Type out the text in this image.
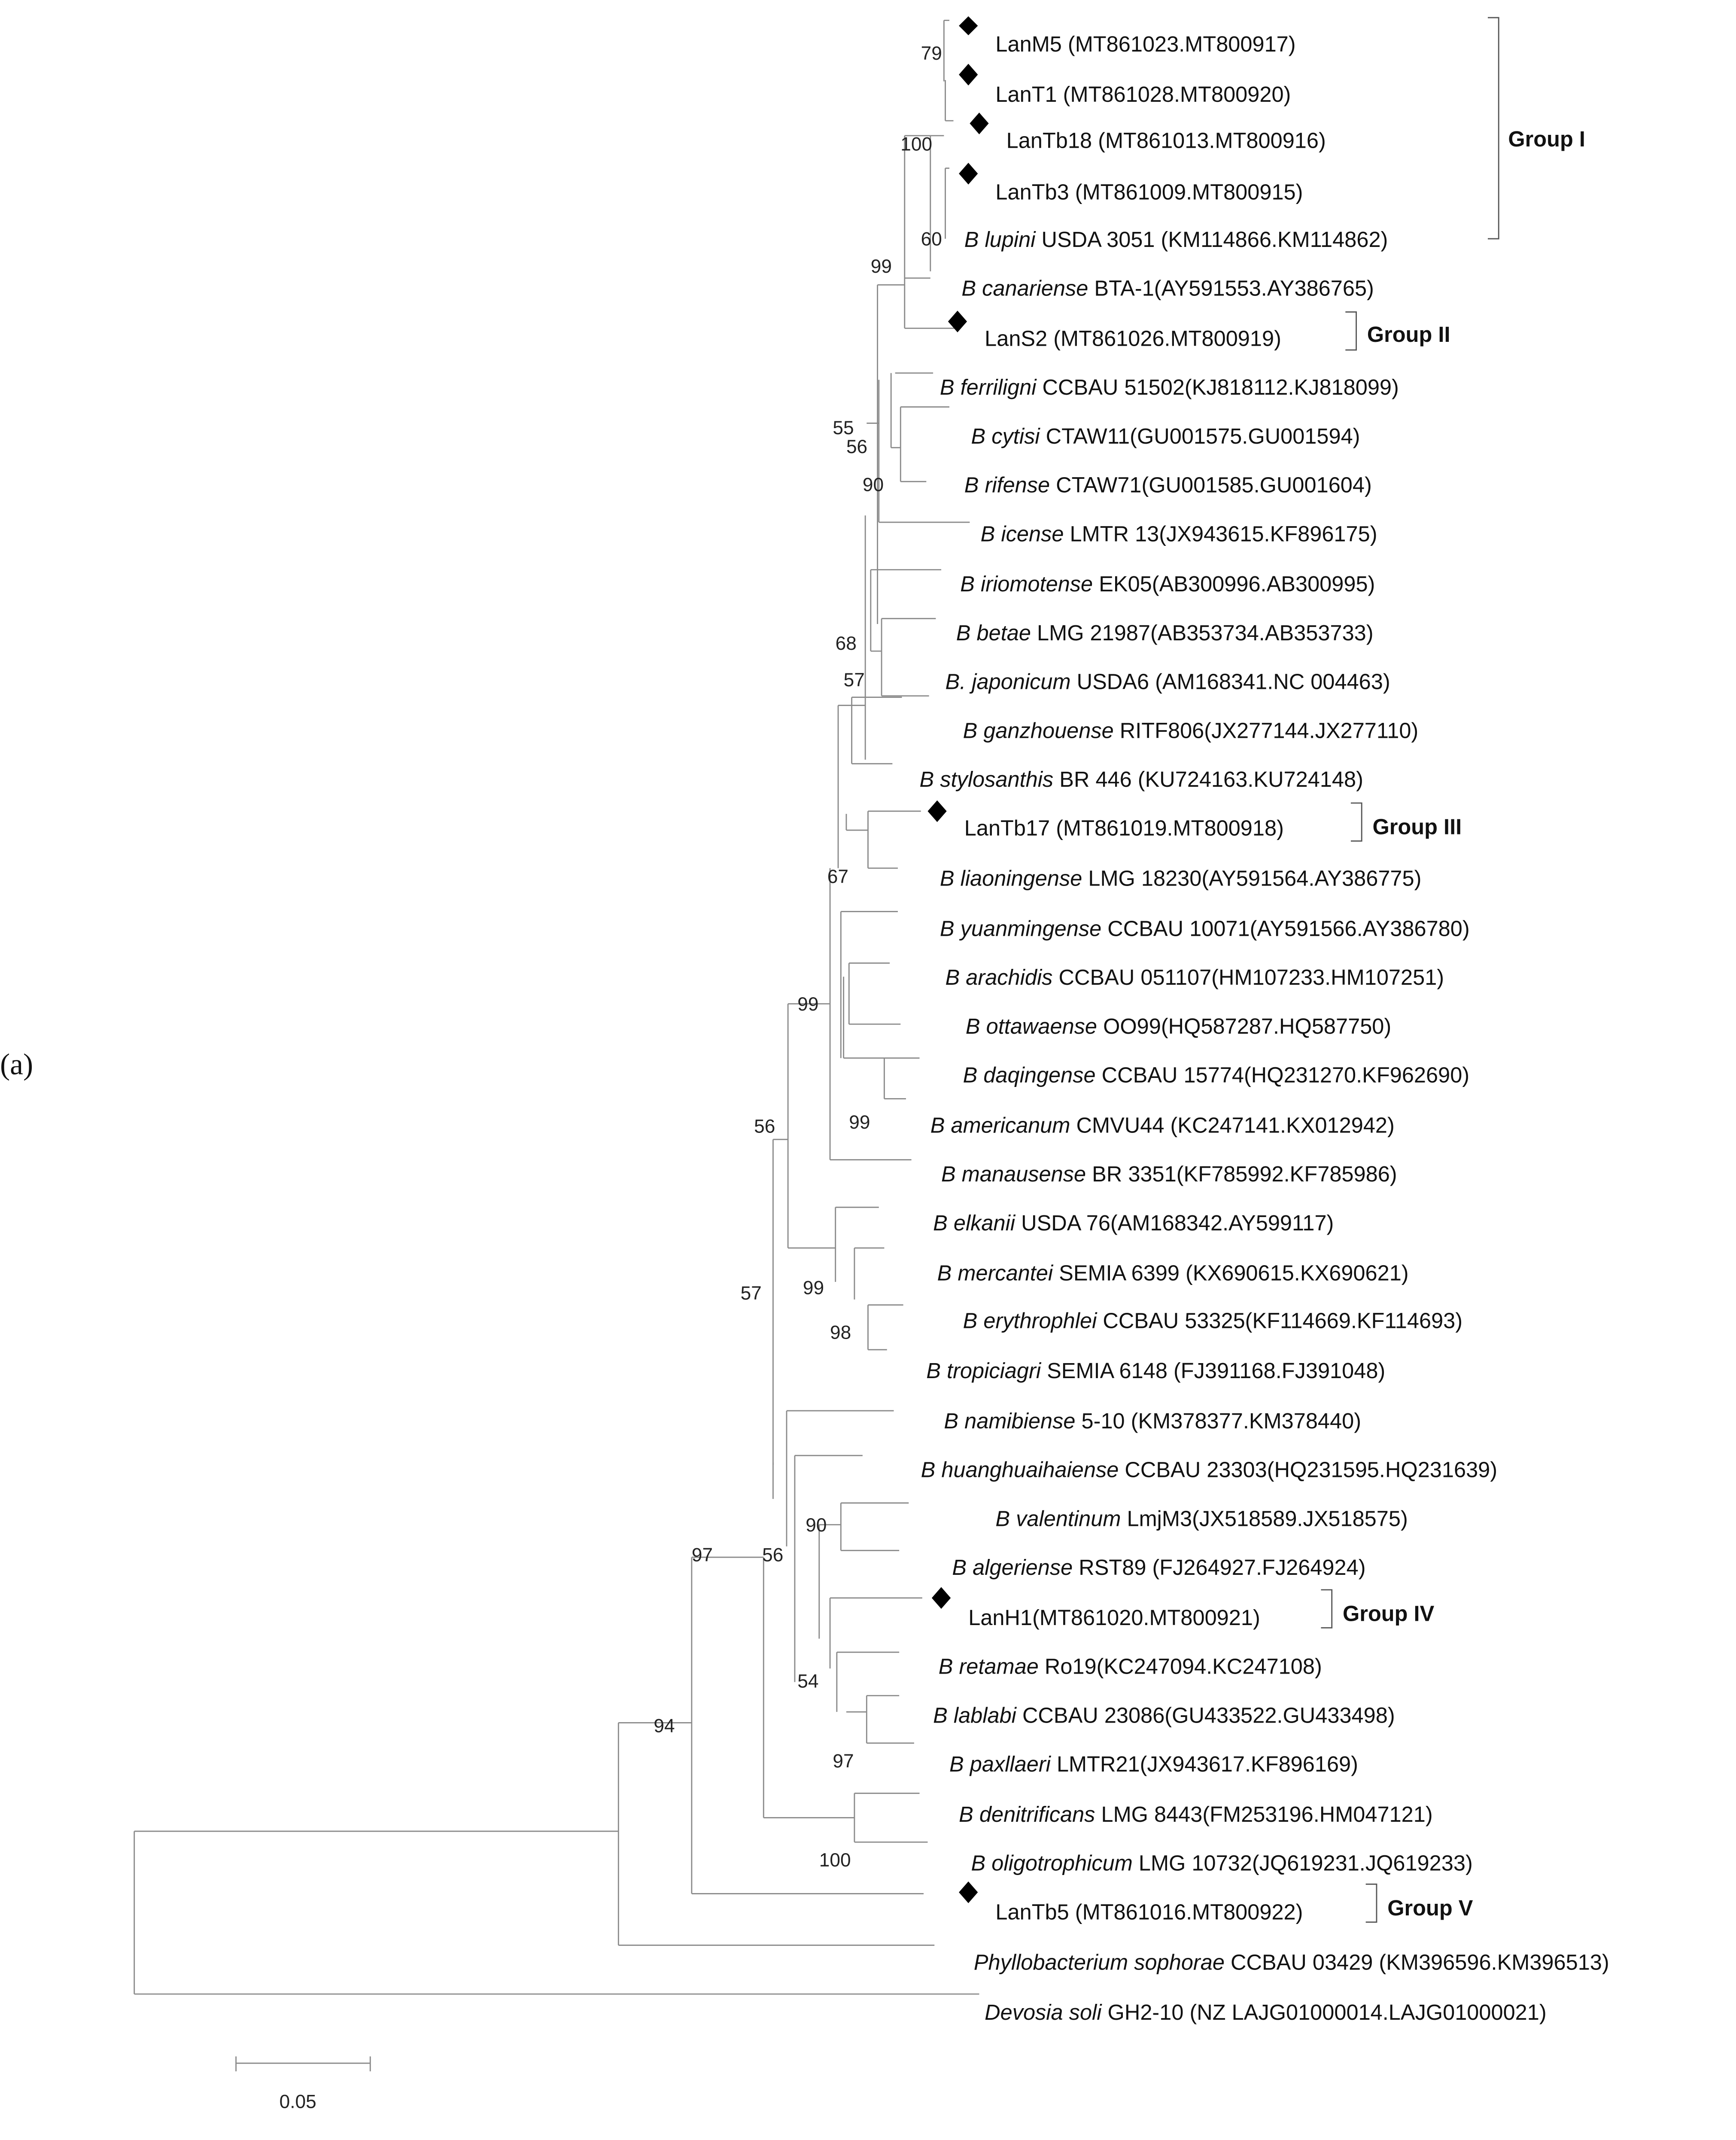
(a)
LanM5 (MT861023.MT800917)
LanT1 (MT861028.MT800920)
LanTb18 (MT861013.MT800916)
LanTb3 (MT861009.MT800915)
B lupini USDA 3051 (KM114866.KM114862)
B canariense BTA-1(AY591553.AY386765)
LanS2 (MT861026.MT800919)
B ferriligni CCBAU 51502(KJ818112.KJ818099)
B cytisi CTAW11(GU001575.GU001594)
B rifense CTAW71(GU001585.GU001604)
B icense LMTR 13(JX943615.KF896175)
B iriomotense EK05(AB300996.AB300995)
B betae LMG 21987(AB353734.AB353733)
B. japonicum USDA6 (AM168341.NC 004463)
B ganzhouense RITF806(JX277144.JX277110)
B stylosanthis BR 446 (KU724163.KU724148)
LanTb17 (MT861019.MT800918)
B liaoningense LMG 18230(AY591564.AY386775)
B yuanmingense CCBAU 10071(AY591566.AY386780)
B arachidis CCBAU 051107(HM107233.HM107251)
B ottawaense OO99(HQ587287.HQ587750)
B daqingense CCBAU 15774(HQ231270.KF962690)
B americanum CMVU44 (KC247141.KX012942)
B manausense BR 3351(KF785992.KF785986)
B elkanii USDA 76(AM168342.AY599117)
B mercantei SEMIA 6399 (KX690615.KX690621)
B erythrophlei CCBAU 53325(KF114669.KF114693)
B tropiciagri SEMIA 6148 (FJ391168.FJ391048)
B namibiense 5-10 (KM378377.KM378440)
B huanghuaihaiense CCBAU 23303(HQ231595.HQ231639)
B valentinum LmjM3(JX518589.JX518575)
B algeriense RST89 (FJ264927.FJ264924)
LanH1(MT861020.MT800921)
B retamae Ro19(KC247094.KC247108)
B lablabi CCBAU 23086(GU433522.GU433498)
B paxllaeri LMTR21(JX943617.KF896169)
B denitrificans LMG 8443(FM253196.HM047121)
B oligotrophicum LMG 10732(JQ619231.JQ619233)
LanTb5 (MT861016.MT800922)
Phyllobacterium sophorae CCBAU 03429 (KM396596.KM396513)
Devosia soli GH2-10 (NZ LAJG01000014.LAJG01000021)
79
100
60
99
55
56
90
68
57
67
99
99
56
99
98
57
90
97	56
54
97
94
100
Group I
Group II
Group III
Group IV
Group V
0.05
